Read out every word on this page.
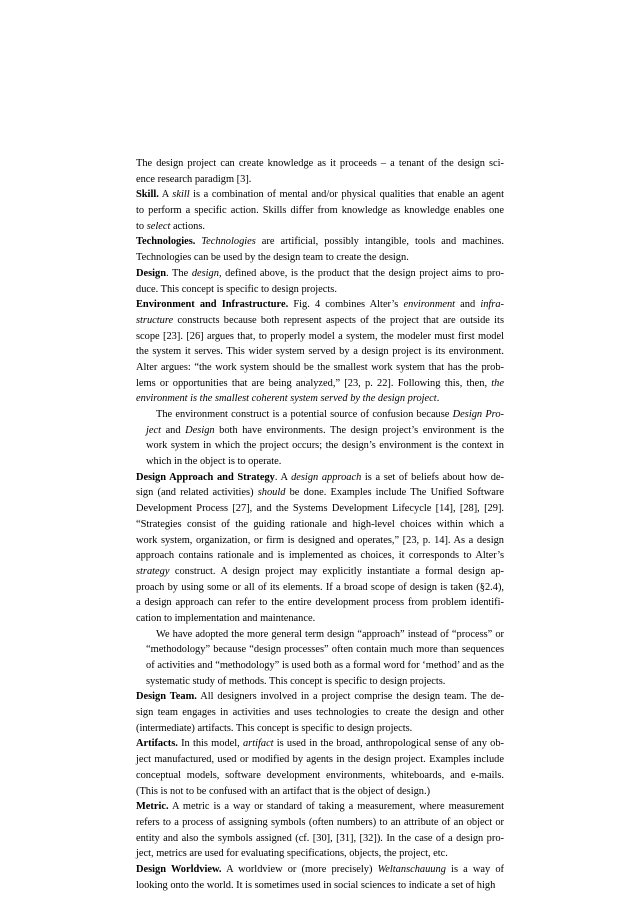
The design project can create knowledge as it proceeds – a tenant of the design sci-
ence research paradigm [3].
Skill. A skill is a combination of mental and/or physical qualities that enable an agent
to perform a specific action. Skills differ from knowledge as knowledge enables one
to select actions.
Technologies. Technologies are artificial, possibly intangible, tools and machines.
Technologies can be used by the design team to create the design.
Design. The design, defined above, is the product that the design project aims to pro-
duce. This concept is specific to design projects.
Environment and Infrastructure. Fig. 4 combines Alter’s environment and infra-
structure constructs because both represent aspects of the project that are outside its
scope [23]. [26] argues that, to properly model a system, the modeler must first model
the system it serves. This wider system served by a design project is its environment.
Alter argues: “the work system should be the smallest work system that has the prob-
lems or opportunities that are being analyzed,” [23, p. 22]. Following this, then, the
environment is the smallest coherent system served by the design project.
The environment construct is a potential source of confusion because Design Pro-
ject and Design both have environments. The design project’s environment is the
work system in which the project occurs; the design’s environment is the context in
which in the object is to operate.
Design Approach and Strategy. A design approach is a set of beliefs about how de-
sign (and related activities) should be done. Examples include The Unified Software
Development Process [27], and the Systems Development Lifecycle [14], [28], [29].
“Strategies consist of the guiding rationale and high-level choices within which a
work system, organization, or firm is designed and operates,” [23, p. 14]. As a design
approach contains rationale and is implemented as choices, it corresponds to Alter’s
strategy construct. A design project may explicitly instantiate a formal design ap-
proach by using some or all of its elements. If a broad scope of design is taken (§2.4),
a design approach can refer to the entire development process from problem identifi-
cation to implementation and maintenance.
We have adopted the more general term design “approach” instead of “process” or
“methodology” because “design processes” often contain much more than sequences
of activities and “methodology” is used both as a formal word for ‘method’ and as the
systematic study of methods. This concept is specific to design projects.
Design Team. All designers involved in a project comprise the design team. The de-
sign team engages in activities and uses technologies to create the design and other
(intermediate) artifacts. This concept is specific to design projects.
Artifacts. In this model, artifact is used in the broad, anthropological sense of any ob-
ject manufactured, used or modified by agents in the design project. Examples include
conceptual models, software development environments, whiteboards, and e-mails.
(This is not to be confused with an artifact that is the object of design.)
Metric. A metric is a way or standard of taking a measurement, where measurement
refers to a process of assigning symbols (often numbers) to an attribute of an object or
entity and also the symbols assigned (cf. [30], [31], [32]). In the case of a design pro-
ject, metrics are used for evaluating specifications, objects, the project, etc.
Design Worldview. A worldview or (more precisely) Weltanschauung is a way of
looking onto the world. It is sometimes used in social sciences to indicate a set of high
